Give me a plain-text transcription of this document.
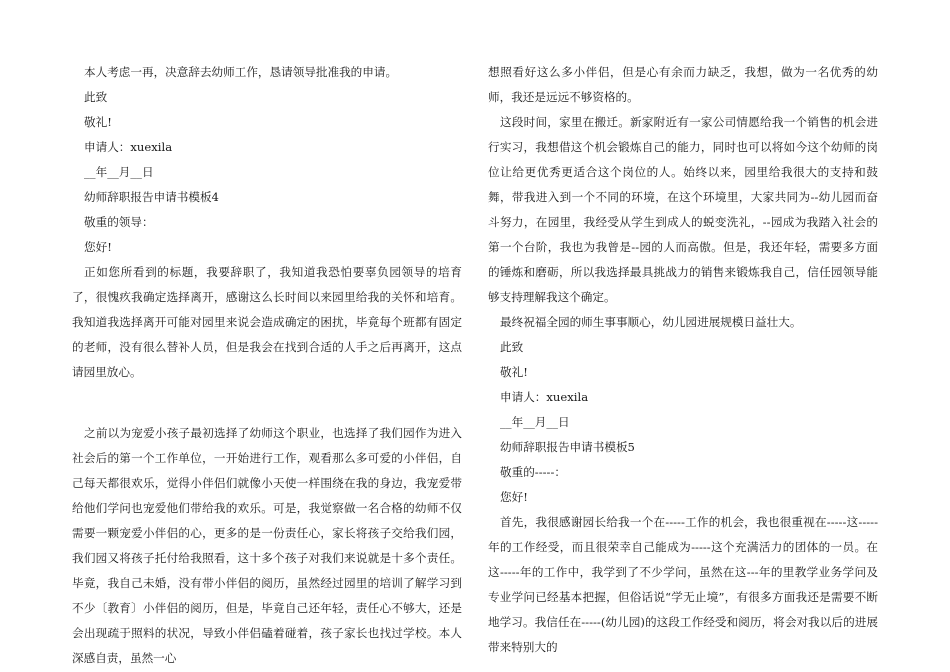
本人考虑一再，决意辞去幼师工作，恳请领导批准我的申请。

此致

敬礼!

申请人：xuexila

__年__月__日

幼师辞职报告申请书模板4

敬重的领导：

您好!

正如您所看到的标题，我要辞职了，我知道我恐怕要辜负园领导的培育了，很愧疚我确定选择离开，感谢这么长时间以来园里给我的关怀和培育。 我知道我选择离开可能对园里来说会造成确定的困扰，毕竟每个班都有固定的老师，没有很么替补人员，但是我会在找到合适的人手之后再离开，这点请园里放心。

之前以为宠爱小孩子最初选择了幼师这个职业，也选择了我们园作为进入社会后的第一个工作单位，一开始进行工作，观看那么多可爱的小伴侣，自己每天都很欢乐，觉得小伴侣们就像小天使一样围绕在我的身边，我宠爱带给他们学问也宠爱他们带给我的欢乐。可是，我觉察做一名合格的幼师不仅需要一颗宠爱小伴侣的心，更多的是一份责任心，家长将孩子交给我们园，我们园又将孩子托付给我照看，这十多个孩子对我们来说就是十多个责任。毕竟，我自己未婚，没有带小伴侣的阅历，虽然经过园里的培训了解学习到不少〔教育〕小伴侣的阅历，但是，毕竟自己还年轻，责任心不够大，还是会出现疏于照料的状况，导致小伴侣磕着碰着，孩子家长也找过学校。本人深感自责，虽然一心

想照看好这么多小伴侣，但是心有余而力缺乏，我想，做为一名优秀的幼师，我还是远远不够资格的。

这段时间，家里在搬迁。新家附近有一家公司情愿给我一个销售的机会进行实习，我想借这个机会锻炼自己的能力，同时也可以将如今这个幼师的岗位让给更优秀更适合这个岗位的人。始终以来，园里给我很大的支持和鼓舞，带我进入到一个不同的环境，在这个环境里，大家共同为--幼儿园而奋斗努力，在园里，我经受从学生到成人的蜕变洗礼，--园成为我踏入社会的第一个台阶，我也为我曾是--园的人而高傲。但是，我还年轻，需要多方面的锤炼和磨砺，所以我选择最具挑战力的销售来锻炼我自己，信任园领导能够支持理解我这个确定。

最终祝福全园的师生事事顺心，幼儿园进展规模日益壮大。

此致

敬礼!

申请人：xuexila

__年__月__日

幼师辞职报告申请书模板5

敬重的-----：

您好!

首先，我很感谢园长给我一个在-----工作的机会，我也很重视在-----这-----年的工作经受，而且很荣幸自己能成为-----这个充满活力的团体的一员。在这-----年的工作中，我学到了不少学问，虽然在这---年的里教学业务学问及专业学问已经基本把握，但俗话说“学无止境”，有很多方面我还是需要不断地学习。我信任在-----(幼儿园)的这段工作经受和阅历，将会对我以后的进展带来特别大的
